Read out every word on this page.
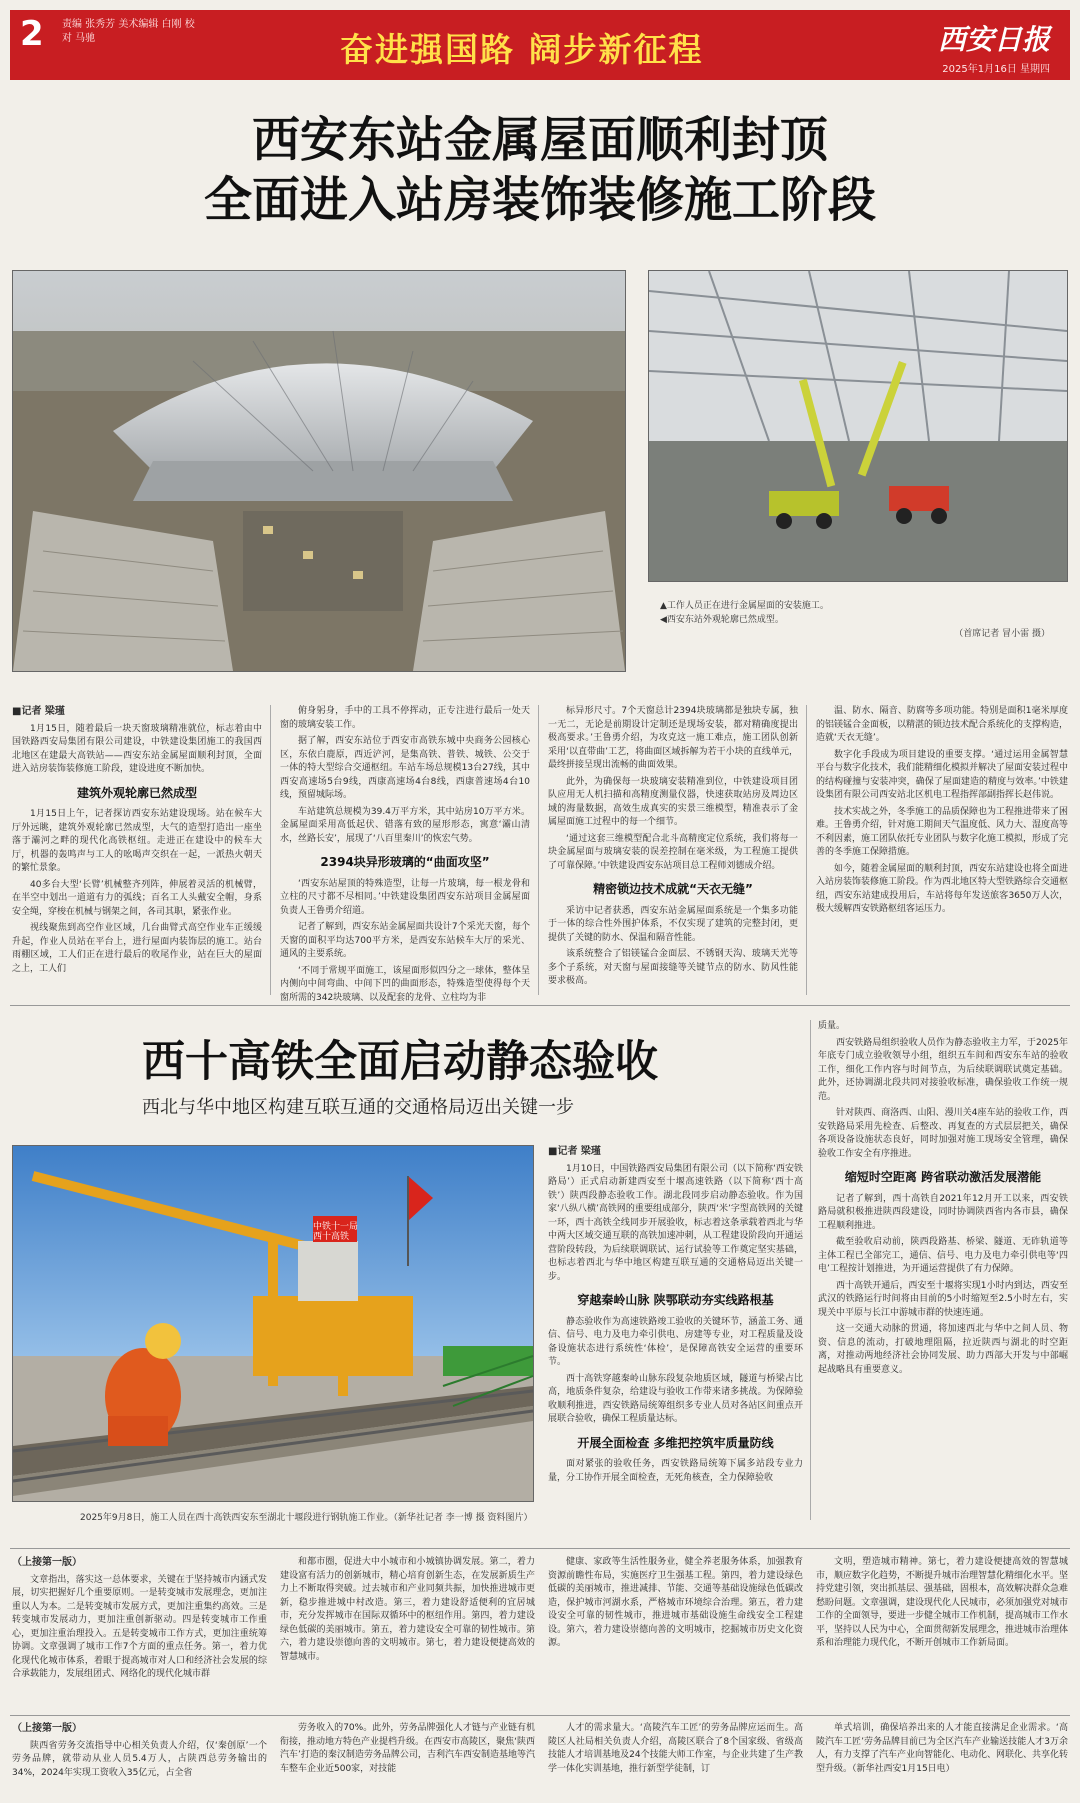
2 责编 张秀芳 美术编辑 白刚 校对 马驰	奋进强国路 阔步新征程	西安日报
2025年1月16日 星期四
西安东站金属屋面顺利封顶
全面进入站房装饰装修施工阶段
▲工作人员正在进行金属屋面的安装施工。
◀西安东站外观轮廓已然成型。
（首席记者 冒小雷 摄）
■记者 梁瑾

1月15日，随着最后一块天窗玻璃精准就位，标志着由中国铁路西安局集团有限公司建设，中铁建设集团施工的我国西北地区在建最大高铁站——西安东站金属屋面顺利封顶，全面进入站房装饰装修施工阶段，建设进度不断加快。

建筑外观轮廓已然成型

1月15日上午，记者探访西安东站建设现场。站在候车大厅外远眺，建筑外观轮廓已然成型，大气的造型打造出一座坐落于灞河之畔的现代化高铁枢纽。走进正在建设中的候车大厅，机器的轰鸣声与工人的吆喝声交织在一起，一派热火朝天的繁忙景象。

40多台大型‘长臂’机械整齐列阵，伸展着灵活的机械臂，在半空中划出一道道有力的弧线；百名工人头戴安全帽，身系安全绳，穿梭在机械与钢架之间，各司其职，紧张作业。

视线聚焦到高空作业区域，几台曲臂式高空作业车正缓缓升起，作业人员站在平台上，进行屋面内装饰层的施工。站台雨棚区域，工人们正在进行最后的收尾作业，站在巨大的屋面之上，工人们

俯身躬身，手中的工具不停挥动，正专注进行最后一处天窗的玻璃安装工作。

据了解，西安东站位于西安市高铁东城中央商务公园核心区，东依白鹿原，西近浐河，是集高铁、普铁、城铁、公交于一体的特大型综合交通枢纽。车站车场总规模13台27线，其中西安高速场5台9线，西康高速场4台8线，西康普速场4台10线，预留城际场。

车站建筑总规模为39.4万平方米，其中站房10万平方米。金属屋面采用高低起伏、错落有致的屋形形态，寓意‘灞山清水，丝路长安’，展现了‘八百里秦川’的恢宏气势。

2394块异形玻璃的“曲面攻坚”

‘西安东站屋顶的特殊造型，让每一片玻璃，每一根龙骨和立柱的尺寸都不尽相同。’中铁建设集团西安东站项目金属屋面负责人王鲁勇介绍道。

记者了解到，西安东站金属屋面共设计7个采光天窗，每个天窗的面积平均达700平方米，是西安东站候车大厅的采光、通风的主要系统。

‘不同于常规平面施工，该屋面形似四分之一球体，整体呈内侧向中间弯曲、中间下凹的曲面形态，特殊造型使得每个天窗所需的342块玻璃、以及配套的龙骨、立柱均为非

标异形尺寸。7个天窗总计2394块玻璃都是独块专属，独一无二，无论是前期设计定制还是现场安装，都对精确度提出极高要求。’王鲁勇介绍，为攻克这一施工难点，施工团队创新采用‘以直带曲’工艺，将曲面区域拆解为若干小块的直线单元，最终拼接呈现出流畅的曲面效果。

此外，为确保每一块玻璃安装精准到位，中铁建设项目团队应用无人机扫描和高精度测量仪器，快速获取站房及周边区域的海量数据，高效生成真实的实景三维模型，精准表示了金属屋面施工过程中的每一个细节。

‘通过这套三维模型配合北斗高精度定位系统，我们将每一块金属屋面与玻璃安装的误差控制在毫米级，为工程施工提供了可靠保障。’中铁建设西安东站项目总工程师刘德成介绍。

精密锁边技术成就“天衣无缝”

采访中记者获悉，西安东站金属屋面系统是一个集多功能于一体的综合性外围护体系，不仅实现了建筑的完整封闭，更提供了关键的防水、保温和隔音性能。

该系统整合了铝镁锰合金面层、不锈钢天沟、玻璃天光等多个子系统，对天窗与屋面接缝等关键节点的防水、防风性能要求极高。

温、防水、隔音、防腐等多项功能。特别是面积1毫米厚度的铝镁锰合金面板，以精湛的锁边技术配合系统化的支撑构造，造就‘天衣无缝’。

数字化手段成为项目建设的重要支撑。‘通过运用金属智慧平台与数字化技术，我们能精细化模拟并解决了屋面安装过程中的结构碰撞与安装冲突，确保了屋面建造的精度与效率。’中铁建设集团有限公司西安站北区机电工程指挥部副指挥长赵伟说。

技术实战之外，冬季施工的品质保障也为工程推进带来了困难。王鲁勇介绍，针对施工期间天气温度低、风力大、湿度高等不利因素，施工团队依托专业团队与数字化施工模拟，形成了完善的冬季施工保障措施。

如今，随着金属屋面的顺利封顶，西安东站建设也将全面进入站房装饰装修施工阶段。作为西北地区特大型铁路综合交通枢纽，西安东站建成投用后，车站将每年发送旅客3650万人次，极大缓解西安铁路枢纽客运压力。

西十高铁全面启动静态验收
西北与华中地区构建互联互通的交通格局迈出关键一步
中铁十一局
西十高铁
2025年9月8日，施工人员在西十高铁西安东至湖北十堰段进行钢轨施工作业。（新华社记者 李一博 摄 资料图片）
■记者 梁瑾

1月10日，中国铁路西安局集团有限公司（以下简称‘西安铁路局’）正式启动新建西安至十堰高速铁路（以下简称‘西十高铁’）陕西段静态验收工作。湖北段同步启动静态验收。作为国家‘八纵八横’高铁网的重要组成部分，陕西‘米’字型高铁网的关键一环，西十高铁全线同步开展验收，标志着这条承载着西北与华中两大区域交通互联的高铁加速冲刺，从工程建设阶段向开通运营阶段转段，为后续联调联试、运行试验等工作奠定坚实基础，也标志着西北与华中地区构建互联互通的交通格局迈出关键一步。

穿越秦岭山脉 陕鄂联动夯实线路根基

静态验收作为高速铁路竣工验收的关键环节，涵盖工务、通信、信号、电力及电力牵引供电、房建等专业，对工程质量及设备设施状态进行系统性‘体检’，是保障高铁安全运营的重要环节。

西十高铁穿越秦岭山脉东段复杂地质区域，隧道与桥梁占比高，地质条件复杂，给建设与验收工作带来诸多挑战。为保障验收顺利推进，西安铁路局统筹组织多专业人员对各站区间重点开展联合验收，确保工程质量达标。

开展全面检查 多维把控筑牢质量防线

面对紧张的验收任务，西安铁路局统筹下属多站段专业力量，分工协作开展全面检查，无死角核查，全力保障验收

质量。

西安铁路局组织验收人员作为静态验收主力军，于2025年年底专门成立验收领导小组，组织五车间和西安东车站的验收工作，细化工作内容与时间节点，为后续联调联试奠定基础。此外，还协调湖北段共同对接验收标准，确保验收工作统一规范。

针对陕西、商洛西、山阳、漫川关4座车站的验收工作，西安铁路局采用先检查、后整改、再复查的方式层层把关，确保各项设备设施状态良好，同时加强对施工现场安全管理，确保验收工作安全有序推进。

缩短时空距离 跨省联动激活发展潜能

记者了解到，西十高铁自2021年12月开工以来，西安铁路局就积极推进陕西段建设，同时协调陕西省内各市县，确保工程顺利推进。

截至验收启动前，陕西段路基、桥梁、隧道、无砟轨道等主体工程已全部完工，通信、信号、电力及电力牵引供电等‘四电’工程按计划推进，为开通运营提供了有力保障。

西十高铁开通后，西安至十堰将实现1小时内到达，西安至武汉的铁路运行时间将由目前的5小时缩短至2.5小时左右，实现关中平原与长江中游城市群的快速连通。

这一交通大动脉的贯通，将加速西北与华中之间人员、物资、信息的流动，打破地理阻隔，拉近陕西与湖北的时空距离，对推动两地经济社会协同发展、助力西部大开发与中部崛起战略具有重要意义。

（上接第一版）

文章指出，落实这一总体要求，关键在于坚持城市内涵式发展，切实把握好几个重要原则。一是转变城市发展理念，更加注重以人为本。二是转变城市发展方式，更加注重集约高效。三是转变城市发展动力，更加注重创新驱动。四是转变城市工作重心，更加注重治理投入。五是转变城市工作方式，更加注重统筹协调。文章强调了城市工作7个方面的重点任务。第一，着力优化现代化城市体系，着眼于提高城市对人口和经济社会发展的综合承载能力，发展组团式、网络化的现代化城市群

和都市圈，促进大中小城市和小城镇协调发展。第二，着力建设富有活力的创新城市，精心培育创新生态，在发展新质生产力上不断取得突破。过去城市和产业同频共振，加快推进城市更新，稳步推进城中村改造。第三，着力建设舒适便利的宜居城市，充分发挥城市在国际双循环中的枢纽作用。第四，着力建设绿色低碳的美丽城市。第五，着力建设安全可靠的韧性城市。第六，着力建设崇德向善的文明城市。第七，着力建设便捷高效的智慧城市。

健康、家政等生活性服务业，健全养老服务体系，加强教育资源前瞻性布局，实施医疗卫生强基工程。第四，着力建设绿色低碳的美丽城市，推进减排、节能、交通等基础设施绿色低碳改造，保护城市河湖水系，严格城市环境综合治理。第五，着力建设安全可靠的韧性城市，推进城市基础设施生命线安全工程建设。第六，着力建设崇德向善的文明城市，挖掘城市历史文化资源。

文明，塑造城市精神。第七，着力建设便捷高效的智慧城市，顺应数字化趋势，不断提升城市治理智慧化精细化水平。坚持党建引领，突出抓基层、强基础，固根本，高效解决群众急难愁盼问题。文章强调，建设现代化人民城市，必须加强党对城市工作的全面领导，要进一步健全城市工作机制，提高城市工作水平，坚持以人民为中心，全面贯彻新发展理念，推进城市治理体系和治理能力现代化，不断开创城市工作新局面。

（上接第一版）

陕西省劳务交流指导中心相关负责人介绍，仅‘秦创原’一个劳务品牌，就带动从业人员5.4万人，占陕西总劳务输出的34%，2024年实现工资收入35亿元，占全省

劳务收入的70%。此外，劳务品牌强化人才链与产业链有机衔接，推动地方特色产业提档升级。在西安市高陵区，聚焦‘陕西汽车’打造的秦汉制造劳务品牌公司，吉利汽车西安制造基地等汽车整车企业近500家，对技能

人才的需求量大。‘高陵汽车工匠’的劳务品牌应运而生。高陵区人社局相关负责人介绍，高陵区联合了8个国家级、省级高技能人才培训基地及24个技能大师工作室，与企业共建了生产教学一体化实训基地，推行新型学徒制，订

单式培训，确保培养出来的人才能直接满足企业需求。‘高陵汽车工匠’劳务品牌目前已为全区汽车产业输送技能人才3万余人，有力支撑了汽车产业向智能化、电动化、网联化、共享化转型升级。（新华社西安1月15日电）
